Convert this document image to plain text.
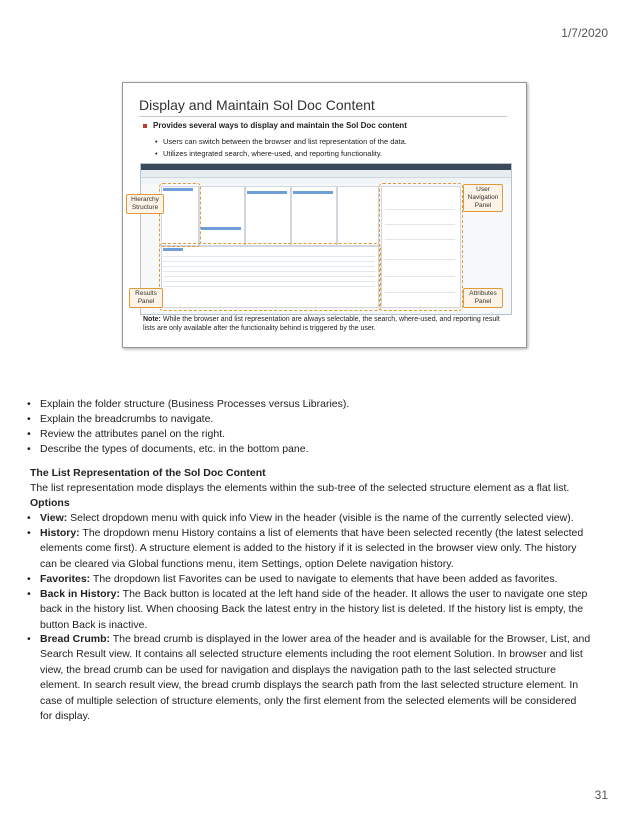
1/7/2020
Display and Maintain Sol Doc Content
Provides several ways to display and maintain the Sol Doc content
• Users can switch between the browser and list representation of the data.
• Utilizes integrated search, where-used, and reporting functionality.
Hierarchy Structure
User Navigation Panel
Results Panel
Attributes Panel
Note: While the browser and list representation are always selectable, the search, where-used, and reporting result lists are only available after the functionality behind is triggered by the user.
• Explain the folder structure (Business Processes versus Libraries).
• Explain the breadcrumbs to navigate.
• Review the attributes panel on the right.
• Describe the types of documents, etc. in the bottom pane.
The List Representation of the Sol Doc Content
The list representation mode displays the elements within the sub-tree of the selected structure element as a flat list.
Options
• View: Select dropdown menu with quick info View in the header (visible is the name of the currently selected view).
• History: The dropdown menu History contains a list of elements that have been selected recently (the latest selected
elements come first). A structure element is added to the history if it is selected in the browser view only. The history
can be cleared via Global functions menu, item Settings, option Delete navigation history.
• Favorites: The dropdown list Favorites can be used to navigate to elements that have been added as favorites.
• Back in History: The Back button is located at the left hand side of the header. It allows the user to navigate one step
back in the history list. When choosing Back the latest entry in the history list is deleted. If the history list is empty, the
button Back is inactive.
• Bread Crumb: The bread crumb is displayed in the lower area of the header and is available for the Browser, List, and
Search Result view. It contains all selected structure elements including the root element Solution. In browser and list
view, the bread crumb can be used for navigation and displays the navigation path to the last selected structure
element. In search result view, the bread crumb displays the search path from the last selected structure element. In
case of multiple selection of structure elements, only the first element from the selected elements will be considered
for display.
31
